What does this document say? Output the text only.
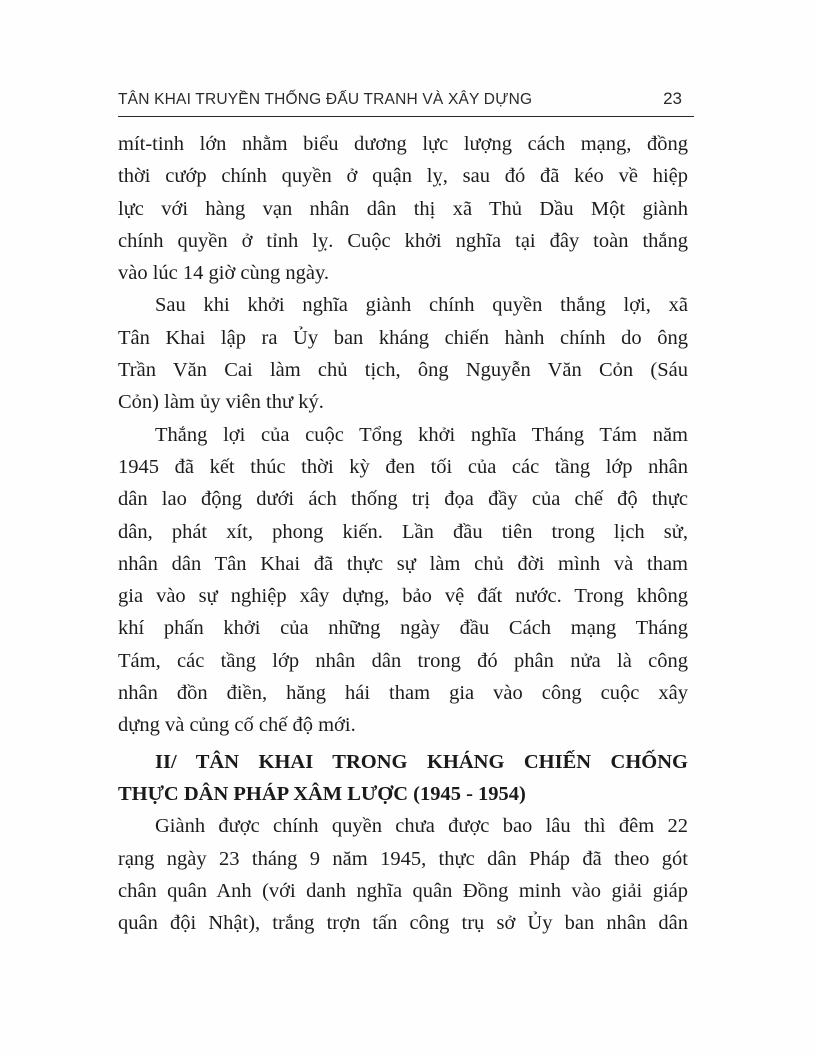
TÂN KHAI TRUYỀN THỐNG ĐẤU TRANH VÀ XÂY DỰNG	23
mít-tinh lớn nhằm biểu dương lực lượng cách mạng, đồng
thời cướp chính quyền ở quận lỵ, sau đó đã kéo về hiệp
lực với hàng vạn nhân dân thị xã Thủ Dầu Một giành
chính quyền ở tỉnh lỵ. Cuộc khởi nghĩa tại đây toàn thắng
vào lúc 14 giờ cùng ngày.
Sau khi khởi nghĩa giành chính quyền thắng lợi, xã
Tân Khai lập ra Ủy ban kháng chiến hành chính do ông
Trần Văn Cai làm chủ tịch, ông Nguyễn Văn Cỏn (Sáu
Cỏn) làm ủy viên thư ký.
Thắng lợi của cuộc Tổng khởi nghĩa Tháng Tám năm
1945 đã kết thúc thời kỳ đen tối của các tầng lớp nhân
dân lao động dưới ách thống trị đọa đầy của chế độ thực
dân, phát xít, phong kiến. Lần đầu tiên trong lịch sử,
nhân dân Tân Khai đã thực sự làm chủ đời mình và tham
gia vào sự nghiệp xây dựng, bảo vệ đất nước. Trong không
khí phấn khởi của những ngày đầu Cách mạng Tháng
Tám, các tầng lớp nhân dân trong đó phân nửa là công
nhân đồn điền, hăng hái tham gia vào công cuộc xây
dựng và củng cố chế độ mới.
II/ TÂN KHAI TRONG KHÁNG CHIẾN CHỐNG
THỰC DÂN PHÁP XÂM LƯỢC (1945 - 1954)
Giành được chính quyền chưa được bao lâu thì đêm 22
rạng ngày 23 tháng 9 năm 1945, thực dân Pháp đã theo gót
chân quân Anh (với danh nghĩa quân Đồng minh vào giải giáp
quân đội Nhật), trắng trợn tấn công trụ sở Ủy ban nhân dân
